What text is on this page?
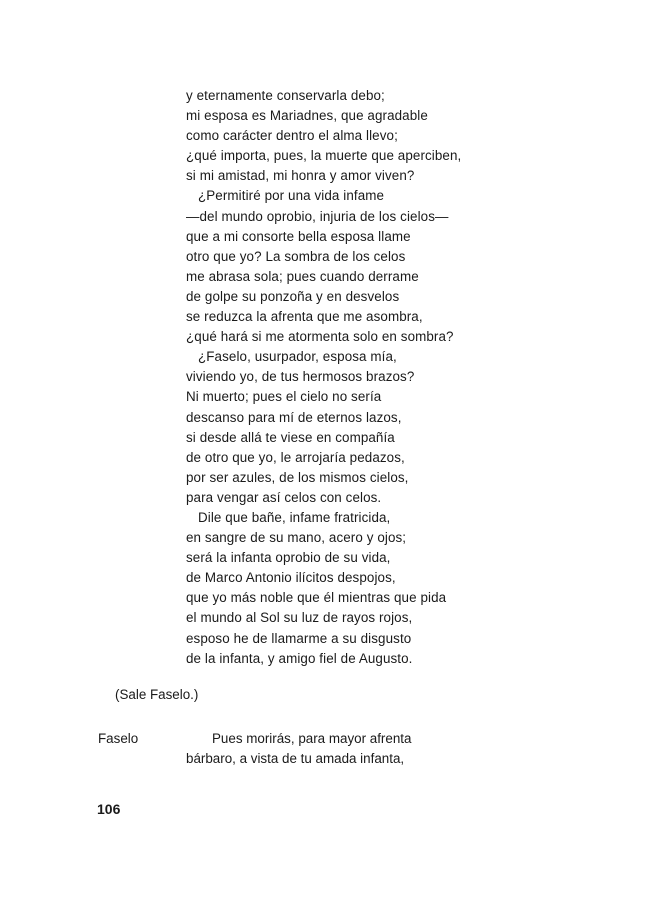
y eternamente conservarla debo;
mi esposa es Mariadnes, que agradable
como carácter dentro el alma llevo;
¿qué importa, pues, la muerte que aperciben,
si mi amistad, mi honra y amor viven?
¿Permitiré por una vida infame
—del mundo oprobio, injuria de los cielos—
que a mi consorte bella esposa llame
otro que yo? La sombra de los celos
me abrasa sola; pues cuando derrame
de golpe su ponzoña y en desvelos
se reduzca la afrenta que me asombra,
¿qué hará si me atormenta solo en sombra?
¿Faselo, usurpador, esposa mía,
viviendo yo, de tus hermosos brazos?
Ni muerto; pues el cielo no sería
descanso para mí de eternos lazos,
si desde allá te viese en compañía
de otro que yo, le arrojaría pedazos,
por ser azules, de los mismos cielos,
para vengar así celos con celos.
Dile que bañe, infame fratricida,
en sangre de su mano, acero y ojos;
será la infanta oprobio de su vida,
de Marco Antonio ilícitos despojos,
que yo más noble que él mientras que pida
el mundo al Sol su luz de rayos rojos,
esposo he de llamarme a su disgusto
de la infanta, y amigo fiel de Augusto.
(Sale Faselo.)
Faselo	Pues morirás, para mayor afrenta
bárbaro, a vista de tu amada infanta,
106
